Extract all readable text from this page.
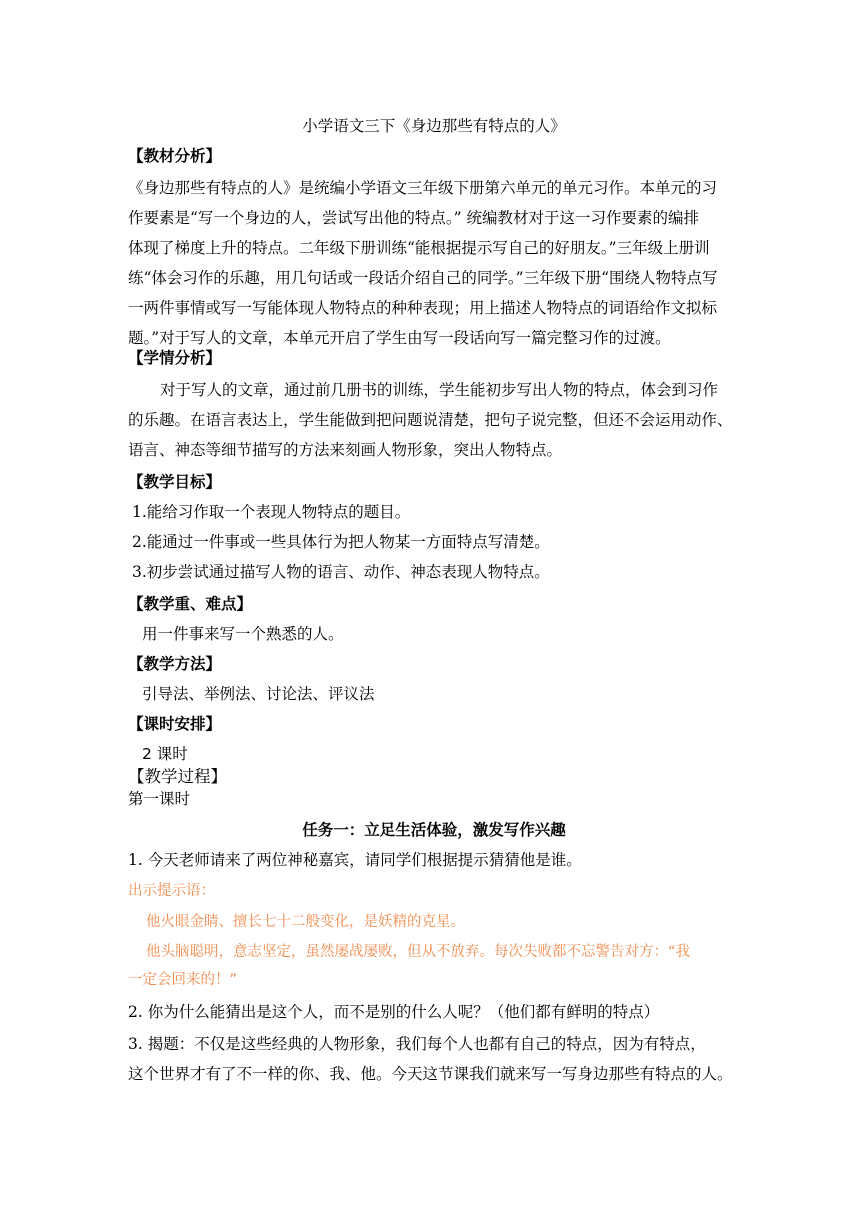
小学语文三下《身边那些有特点的人》
【教材分析】
《身边那些有特点的人》是统编小学语文三年级下册第六单元的单元习作。本单元的习
作要素是“写一个身边的人，尝试写出他的特点。” 统编教材对于这一习作要素的编排
体现了梯度上升的特点。二年级下册训练“能根据提示写自己的好朋友。”三年级上册训
练“体会习作的乐趣，用几句话或一段话介绍自己的同学。”三年级下册“围绕人物特点写
一两件事情或写一写能体现人物特点的种种表现；用上描述人物特点的词语给作文拟标
题。”对于写人的文章，本单元开启了学生由写一段话向写一篇完整习作的过渡。
【学情分析】
对于写人的文章，通过前几册书的训练，学生能初步写出人物的特点，体会到习作
的乐趣。在语言表达上，学生能做到把问题说清楚，把句子说完整，但还不会运用动作、
语言、神态等细节描写的方法来刻画人物形象，突出人物特点。
【教学目标】
1.能给习作取一个表现人物特点的题目。
2.能通过一件事或一些具体行为把人物某一方面特点写清楚。
3.初步尝试通过描写人物的语言、动作、神态表现人物特点。
【教学重、难点】
用一件事来写一个熟悉的人。
【教学方法】
引导法、举例法、讨论法、评议法
【课时安排】
2 课时
【教学过程】
第一课时
任务一：立足生活体验，激发写作兴趣
1. 今天老师请来了两位神秘嘉宾，请同学们根据提示猜猜他是谁。
出示提示语：
他火眼金睛、擅长七十二般变化，是妖精的克星。
他头脑聪明，意志坚定，虽然屡战屡败，但从不放弃。每次失败都不忘警告对方：“我
一定会回来的！”
2. 你为什么能猜出是这个人，而不是别的什么人呢？（他们都有鲜明的特点）
3. 揭题：不仅是这些经典的人物形象，我们每个人也都有自己的特点，因为有特点，
这个世界才有了不一样的你、我、他。今天这节课我们就来写一写身边那些有特点的人。
